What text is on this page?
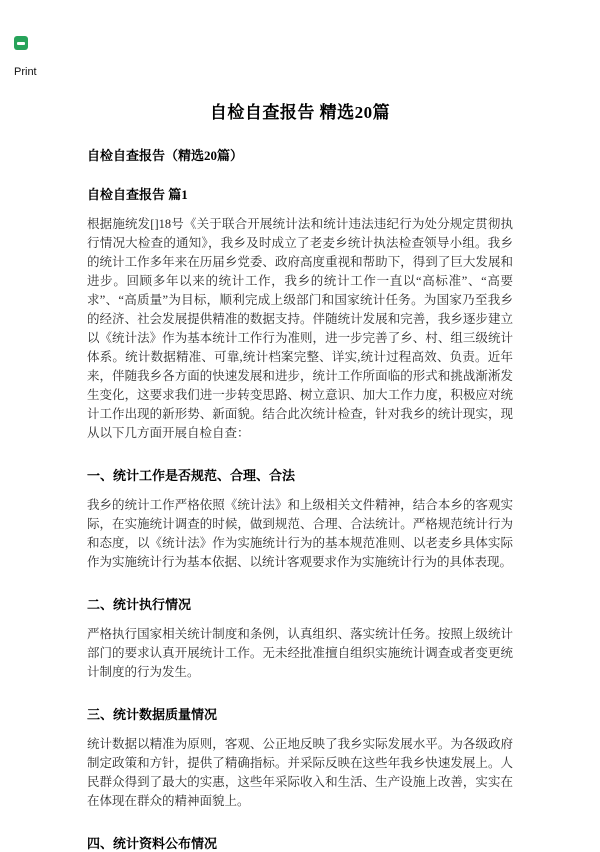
Print
自检自查报告 精选20篇
自检自查报告（精选20篇）
自检自查报告 篇1

根据施统发[]18号《关于联合开展统计法和统计违法违纪行为处分规定贯彻执行情况大检查的通知》，我乡及时成立了老麦乡统计执法检查领导小组。我乡的统计工作多年来在历届乡党委、政府高度重视和帮助下，得到了巨大发展和进步。回顾多年以来的统计工作，我乡的统计工作一直以“高标准”、“高要求”、“高质量”为目标，顺利完成上级部门和国家统计任务。为国家乃至我乡的经济、社会发展提供精准的数据支持。伴随统计发展和完善，我乡逐步建立以《统计法》作为基本统计工作行为准则，进一步完善了乡、村、组三级统计体系。统计数据精准、可靠,统计档案完整、详实,统计过程高效、负责。近年来，伴随我乡各方面的快速发展和进步，统计工作所面临的形式和挑战渐淅发生变化，这要求我们进一步转变思路、树立意识、加大工作力度，积极应对统计工作出现的新形势、新面貌。结合此次统计检查，针对我乡的统计现实，现从以下几方面开展自检自查：

一、统计工作是否规范、合理、合法

我乡的统计工作严格依照《统计法》和上级相关文件精神，结合本乡的客观实际，在实施统计调查的时候，做到规范、合理、合法统计。严格规范统计行为和态度，以《统计法》作为实施统计行为的基本规范准则、以老麦乡具体实际作为实施统计行为基本依据、以统计客观要求作为实施统计行为的具体表现。

二、统计执行情况

严格执行国家相关统计制度和条例，认真组织、落实统计任务。按照上级统计部门的要求认真开展统计工作。无未经批准擅自组织实施统计调查或者变更统计制度的行为发生。

三、统计数据质量情况

统计数据以精准为原则，客观、公正地反映了我乡实际发展水平。为各级政府制定政策和方针，提供了精确指标。并采际反映在这些年我乡快速发展上。人民群众得到了最大的实惠，这些年采际收入和生活、生产设施上改善，实实在在体现在群众的精神面貌上。

四、统计资料公布情况
